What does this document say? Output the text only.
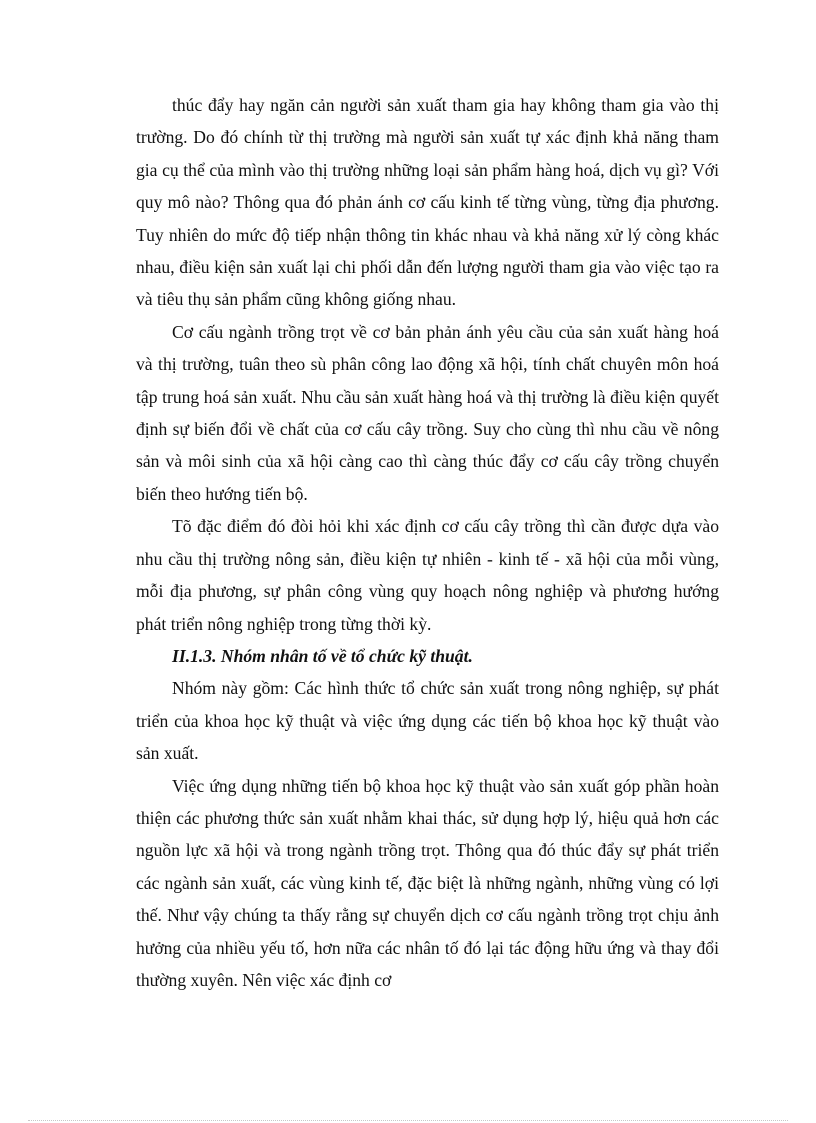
thúc đẩy hay ngăn cản người sản xuất tham gia hay không tham gia vào thị trường. Do đó chính từ thị trường mà người sản xuất tự xác định khả năng tham gia cụ thể của mình vào thị trường những loại sản phẩm hàng hoá, dịch vụ gì? Với quy mô nào? Thông qua đó phản ánh cơ cấu kinh tế từng vùng, từng địa phương. Tuy nhiên do mức độ tiếp nhận thông tin khác nhau và khả năng xử lý còng khác nhau, điều kiện sản xuất lại chi phối dẫn đến lượng người tham gia vào việc tạo ra và tiêu thụ sản phẩm cũng không giống nhau.

Cơ cấu ngành trồng trọt về cơ bản phản ánh yêu cầu của sản xuất hàng hoá và thị trường, tuân theo sù phân công lao động xã hội, tính chất chuyên môn hoá tập trung hoá sản xuất. Nhu cầu sản xuất hàng hoá và thị trường là điều kiện quyết định sự biến đổi về chất của cơ cấu cây trồng. Suy cho cùng thì nhu cầu về nông sản và môi sinh của xã hội càng cao thì càng thúc đẩy cơ cấu cây trồng chuyển biến theo hướng tiến bộ.

Tõ đặc điểm đó đòi hỏi khi xác định cơ cấu cây trồng thì cần được dựa vào nhu cầu thị trường nông sản, điều kiện tự nhiên - kinh tế - xã hội của mỗi vùng, mỗi địa phương, sự phân công vùng quy hoạch nông nghiệp và phương hướng phát triển nông nghiệp trong từng thời kỳ.

II.1.3. Nhóm nhân tố về tổ chức kỹ thuật.

Nhóm này gồm: Các hình thức tổ chức sản xuất trong nông nghiệp, sự phát triển của khoa học kỹ thuật và việc ứng dụng các tiến bộ khoa học kỹ thuật vào sản xuất.

Việc ứng dụng những tiến bộ khoa học kỹ thuật vào sản xuất góp phần hoàn thiện các phương thức sản xuất nhằm khai thác, sử dụng hợp lý, hiệu quả hơn các nguồn lực xã hội và trong ngành trồng trọt. Thông qua đó thúc đẩy sự phát triển các ngành sản xuất, các vùng kinh tế, đặc biệt là những ngành, những vùng có lợi thế. Như vậy chúng ta thấy rằng sự chuyển dịch cơ cấu ngành trồng trọt chịu ảnh hưởng của nhiều yếu tố, hơn nữa các nhân tố đó lại tác động hữu ứng và thay đổi thường xuyên. Nên việc xác định cơ
